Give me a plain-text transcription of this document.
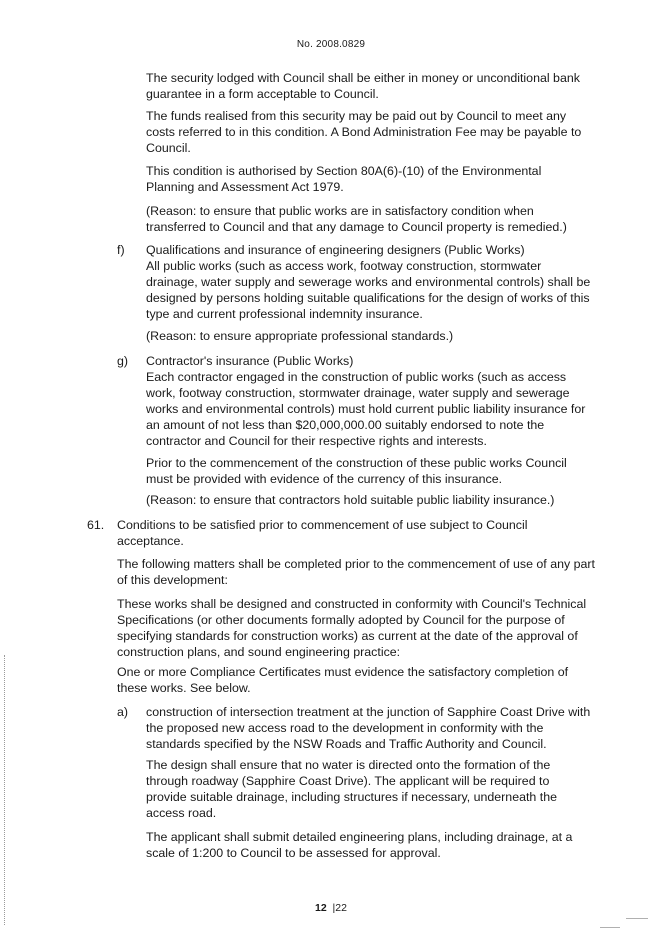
No. 2008.0829
The security lodged with Council shall be either in money or unconditional bank
guarantee in a form acceptable to Council.
The funds realised from this security may be paid out by Council to meet any
costs referred to in this condition. A Bond Administration Fee may be payable to
Council.
This condition is authorised by Section 80A(6)-(10) of the Environmental
Planning and Assessment Act 1979.
(Reason: to ensure that public works are in satisfactory condition when
transferred to Council and that any damage to Council property is remedied.)
f) Qualifications and insurance of engineering designers (Public Works)
All public works (such as access work, footway construction, stormwater
drainage, water supply and sewerage works and environmental controls) shall be
designed by persons holding suitable qualifications for the design of works of this
type and current professional indemnity insurance.
(Reason: to ensure appropriate professional standards.)
g) Contractor's insurance (Public Works)
Each contractor engaged in the construction of public works (such as access
work, footway construction, stormwater drainage, water supply and sewerage
works and environmental controls) must hold current public liability insurance for
an amount of not less than $20,000,000.00 suitably endorsed to note the
contractor and Council for their respective rights and interests.
Prior to the commencement of the construction of these public works Council
must be provided with evidence of the currency of this insurance.
(Reason: to ensure that contractors hold suitable public liability insurance.)
61. Conditions to be satisfied prior to commencement of use subject to Council
acceptance.
The following matters shall be completed prior to the commencement of use of any part
of this development:
These works shall be designed and constructed in conformity with Council's Technical
Specifications (or other documents formally adopted by Council for the purpose of
specifying standards for construction works) as current at the date of the approval of
construction plans, and sound engineering practice:
One or more Compliance Certificates must evidence the satisfactory completion of
these works. See below.
a) construction of intersection treatment at the junction of Sapphire Coast Drive with
the proposed new access road to the development in conformity with the
standards specified by the NSW Roads and Traffic Authority and Council.
The design shall ensure that no water is directed onto the formation of the
through roadway (Sapphire Coast Drive). The applicant will be required to
provide suitable drainage, including structures if necessary, underneath the
access road.
The applicant shall submit detailed engineering plans, including drainage, at a
scale of 1:200 to Council to be assessed for approval.
12  |22
